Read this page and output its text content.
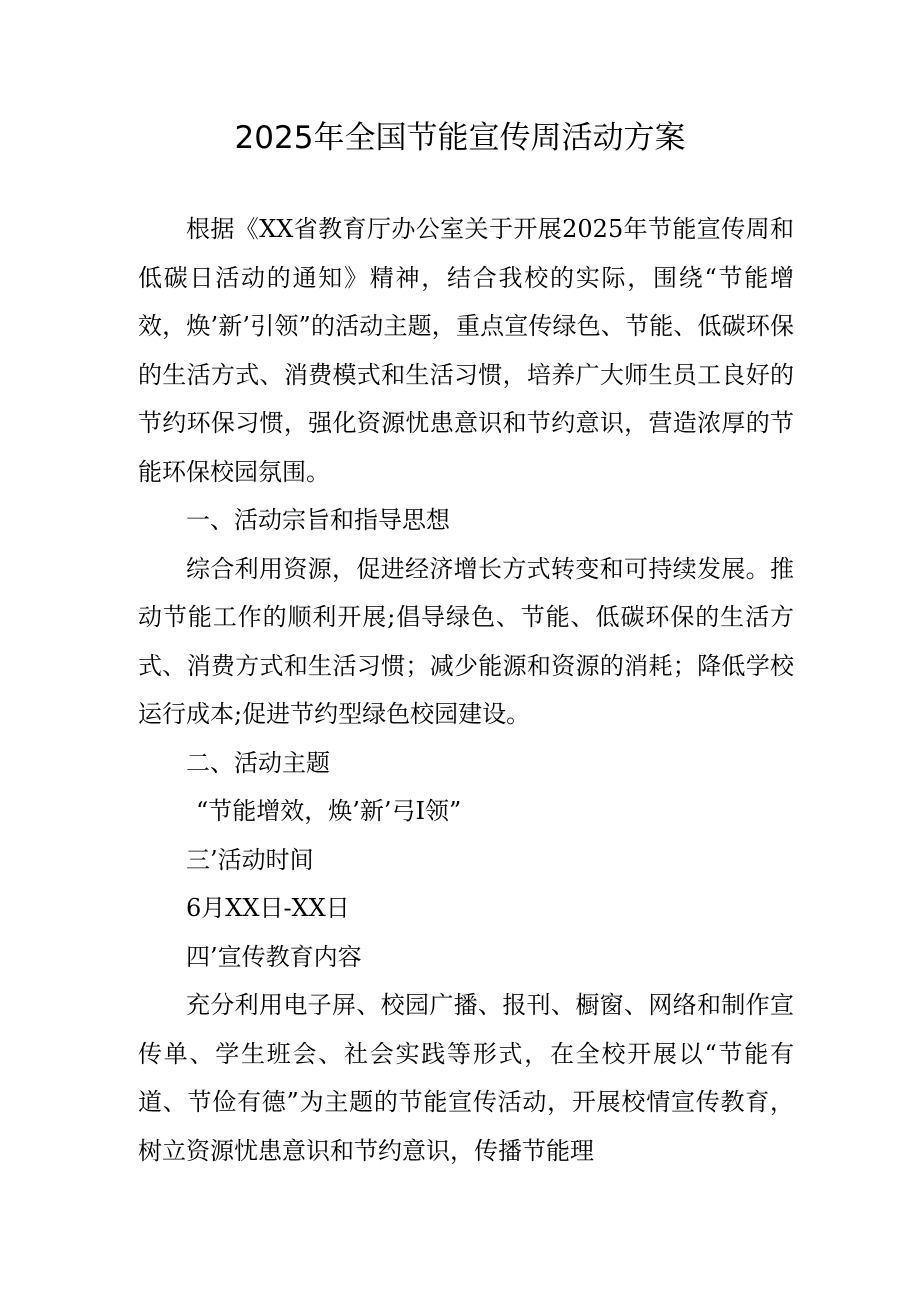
2025年全国节能宣传周活动方案

根据《XX省教育厅办公室关于开展2025年节能宣传周和低碳日活动的通知》精神，结合我校的实际，围绕“节能增效，焕’新’引领”的活动主题，重点宣传绿色、节能、低碳环保的生活方式、消费模式和生活习惯，培养广大师生员工良好的节约环保习惯，强化资源忧患意识和节约意识，营造浓厚的节能环保校园氛围。

一、活动宗旨和指导思想

综合利用资源，促进经济增长方式转变和可持续发展。推动节能工作的顺利开展;倡导绿色、节能、低碳环保的生活方式、消费方式和生活习惯；减少能源和资源的消耗；降低学校运行成本;促进节约型绿色校园建设。

二、活动主题

“节能增效，焕’新’弓I领”

三’活动时间

6月XX日-XX日

四’宣传教育内容

充分利用电子屏、校园广播、报刊、橱窗、网络和制作宣传单、学生班会、社会实践等形式，在全校开展以“节能有道、节俭有德”为主题的节能宣传活动，开展校情宣传教育，树立资源忧患意识和节约意识，传播节能理
